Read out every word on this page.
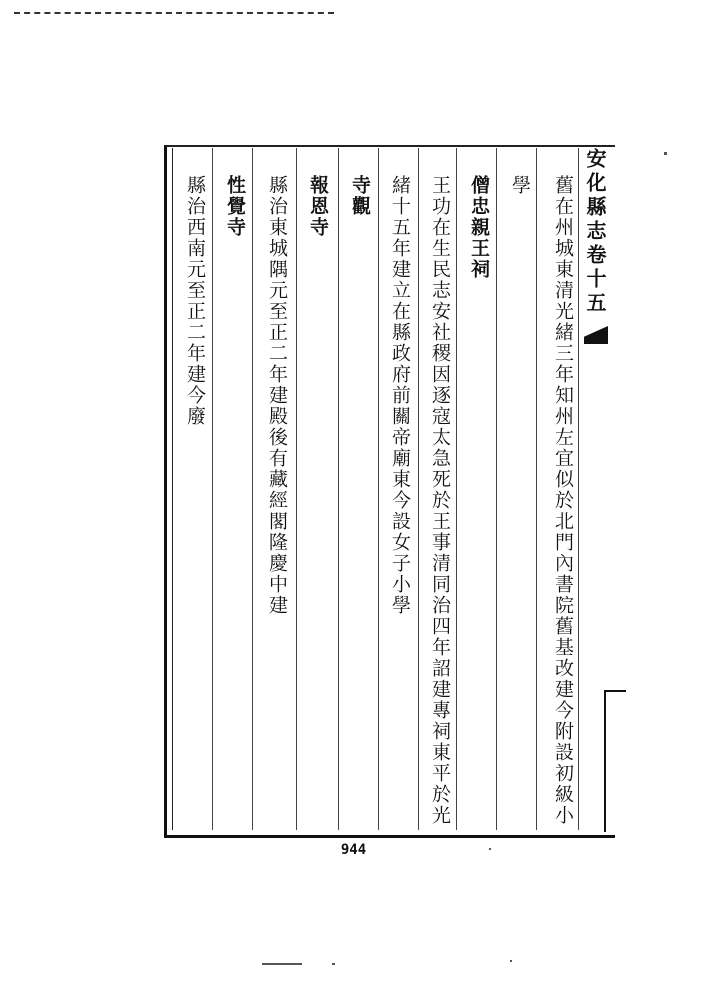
安化縣志卷十五
舊在州城東清光緒三年知州左宜似於北門內書院舊基改建今附設初級小
學
僧忠親王祠
王功在生民志安社稷因逐寇太急死於王事清同治四年詔建專祠東平於光
緒十五年建立在縣政府前關帝廟東今設女子小學
寺觀
報恩寺
縣治東城隅元至正二年建殿後有藏經閣隆慶中建
性覺寺
縣治西南元至正二年建今廢
944
